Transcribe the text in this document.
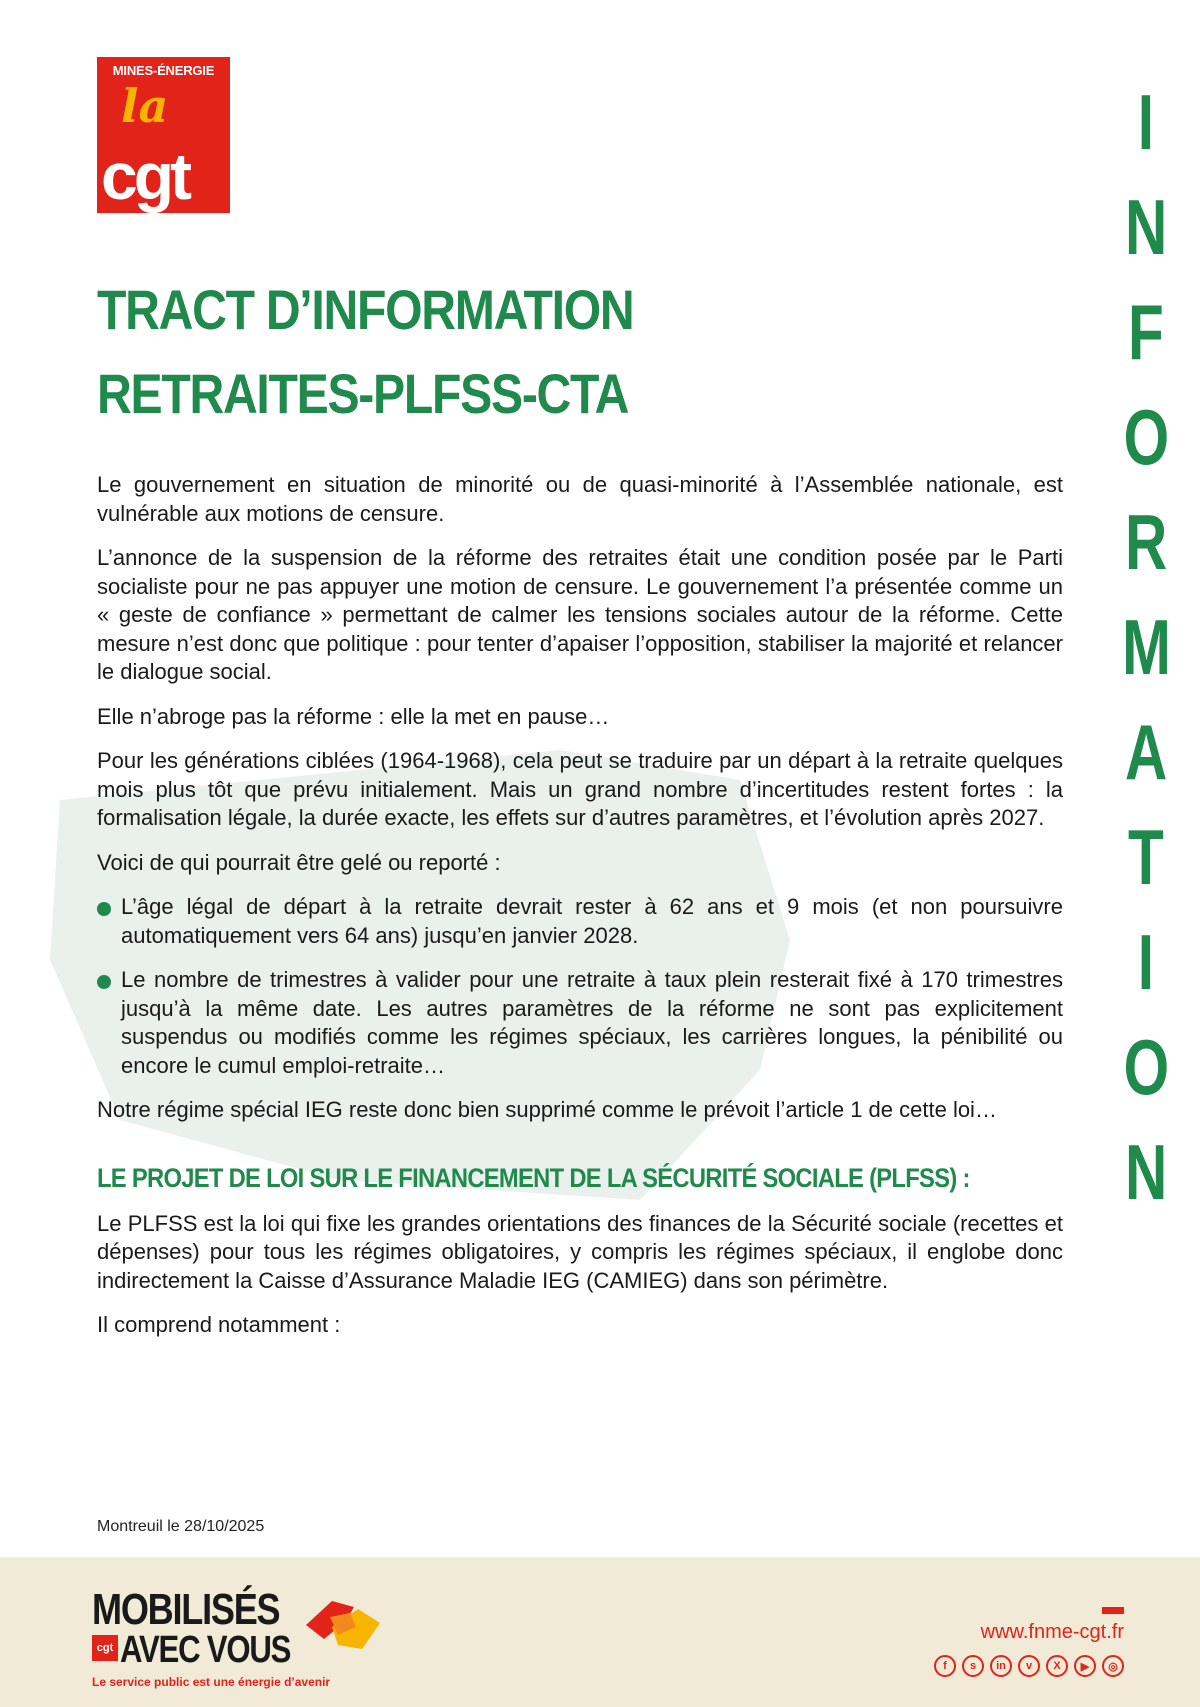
MINES-ÉNERGIE
la
cgt
I
N
F
O
R
M
A
T
I
O
N
TRACT D’INFORMATION
RETRAITES-PLFSS-CTA

Le gouvernement en situation de minorité ou de quasi-minorité à l’Assemblée nationale, est vulnérable aux motions de censure.

L’annonce de la suspension de la réforme des retraites était une condition posée par le Parti socialiste pour ne pas appuyer une motion de censure. Le gouvernement l’a présentée comme un « geste de confiance » permettant de calmer les tensions sociales autour de la réforme. Cette mesure n’est donc que politique : pour tenter d’apaiser l’opposition, stabiliser la majorité et relancer le dialogue social.

Elle n’abroge pas la réforme : elle la met en pause…

Pour les générations ciblées (1964-1968), cela peut se traduire par un départ à la retraite quelques mois plus tôt que prévu initialement. Mais un grand nombre d’incertitudes restent fortes : la formalisation légale, la durée exacte, les effets sur d’autres paramètres, et l’évolution après 2027.

Voici de qui pourrait être gelé ou reporté :

L’âge légal de départ à la retraite devrait rester à 62 ans et 9 mois (et non poursuivre automatiquement vers 64 ans) jusqu’en janvier 2028.
Le nombre de trimestres à valider pour une retraite à taux plein resterait fixé à 170 trimestres jusqu’à la même date. Les autres paramètres de la réforme ne sont pas explicitement suspendus ou modifiés comme les régimes spéciaux, les carrières longues, la pénibilité ou encore le cumul emploi-retraite…

Notre régime spécial IEG reste donc bien supprimé comme le prévoit l’article 1 de cette loi…

LE PROJET DE LOI SUR LE FINANCEMENT DE LA SÉCURITÉ SOCIALE (PLFSS) :

Le PLFSS est la loi qui fixe les grandes orientations des finances de la Sécurité sociale (recettes et dépenses) pour tous les régimes obligatoires, y compris les régimes spéciaux, il englobe donc indirectement la Caisse d’Assurance Maladie IEG (CAMIEG) dans son périmètre.

Il comprend notamment :

Montreuil le 28/10/2025
MOBILISÉS
cgt AVEC VOUS
Le service public est une énergie d’avenir
www.fnme-cgt.fr
f	s	in	v	X	▶	◎
